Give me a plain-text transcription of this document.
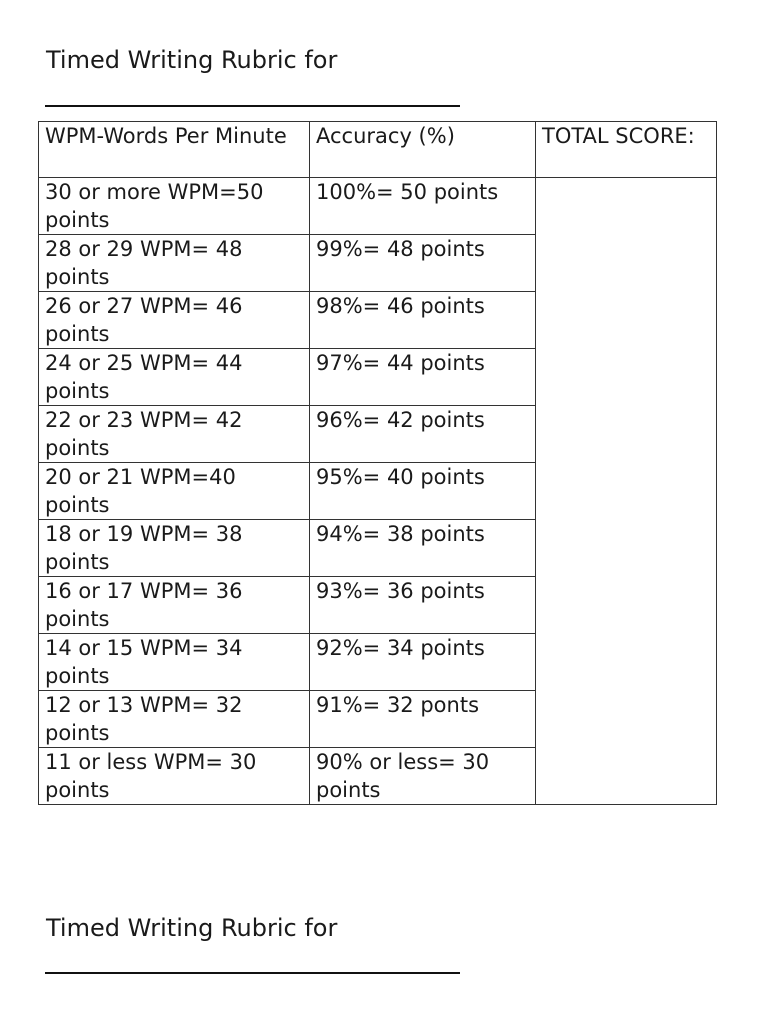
Timed Writing Rubric for
WPM-Words Per Minute	Accuracy (%)	TOTAL SCORE:
30 or more WPM=50 points	100%= 50 points	
28 or 29 WPM= 48 points	99%= 48 points	
26 or 27 WPM= 46 points	98%= 46 points	
24 or 25 WPM= 44 points	97%= 44 points	
22 or 23 WPM= 42 points	96%= 42 points	
20 or 21 WPM=40 points	95%= 40 points	
18 or 19 WPM= 38 points	94%= 38 points	
16 or 17 WPM= 36 points	93%= 36 points	
14 or 15 WPM= 34 points	92%= 34 points	
12 or 13 WPM= 32 points	91%= 32 ponts	
11 or less WPM= 30 points	90% or less= 30 points	
Timed Writing Rubric for
